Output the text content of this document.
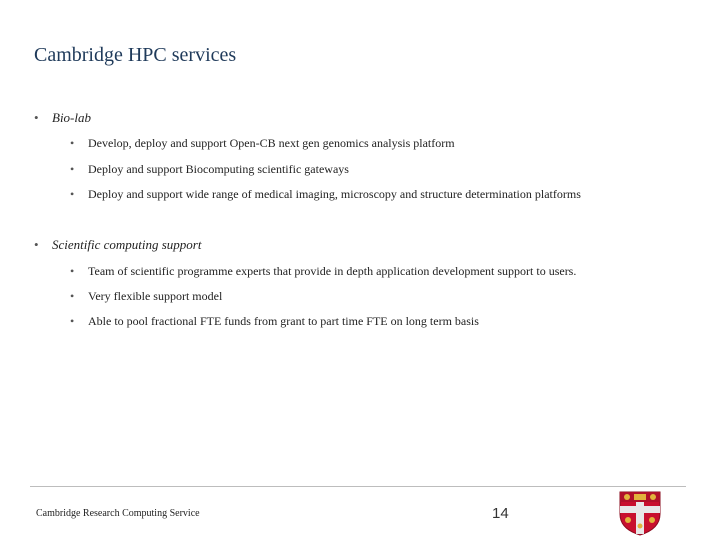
Cambridge HPC services
• Bio-lab
• Develop, deploy and support Open-CB next gen genomics analysis platform
• Deploy and support Biocomputing scientific gateways
• Deploy and support wide range of medical imaging, microscopy and structure determination platforms
• Scientific computing support
• Team of scientific programme experts that provide in depth application development support to users.
• Very flexible support model
• Able to pool fractional FTE funds from grant to part time FTE on long term basis
Cambridge Research Computing Service	14
